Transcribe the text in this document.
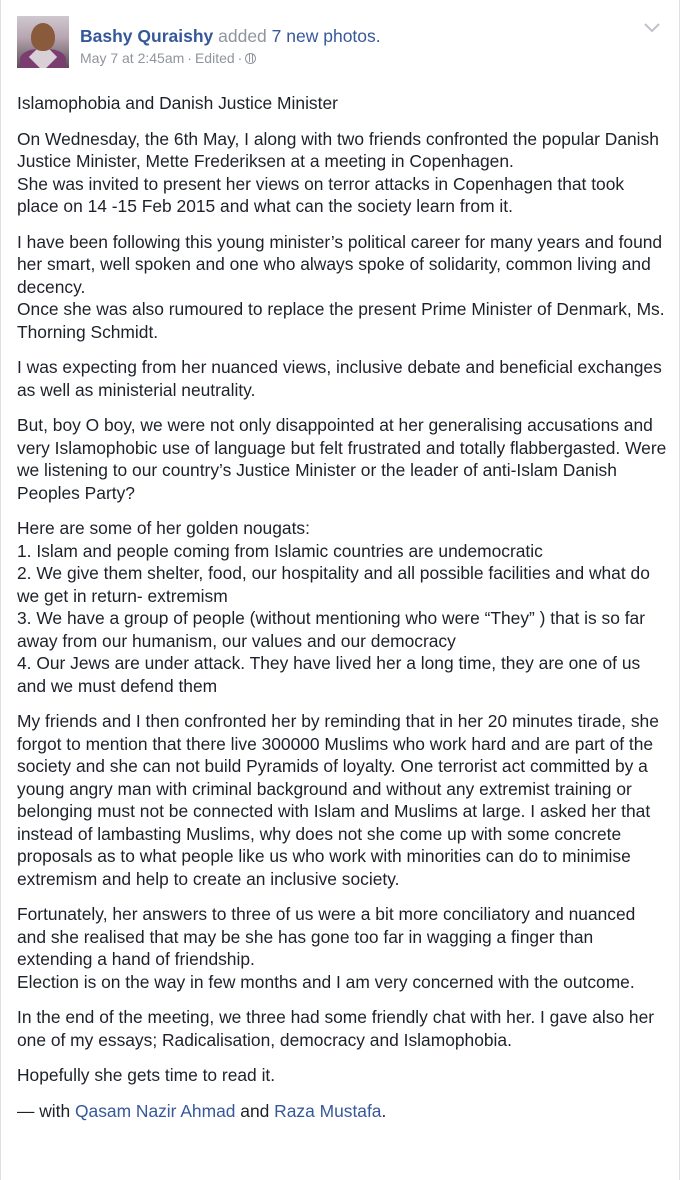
Bashy Quraishy added 7 new photos.
May 7 at 2:45am · Edited ·

Islamophobia and Danish Justice Minister

On Wednesday, the 6th May, I along with two friends confronted the popular Danish Justice Minister, Mette Frederiksen at a meeting in Copenhagen.
She was invited to present her views on terror attacks in Copenhagen that took place on 14 -15 Feb 2015 and what can the society learn from it.

I have been following this young minister’s political career for many years and found her smart, well spoken and one who always spoke of solidarity, common living and decency.
Once she was also rumoured to replace the present Prime Minister of Denmark, Ms. Thorning Schmidt.

I was expecting from her nuanced views, inclusive debate and beneficial exchanges as well as ministerial neutrality.

But, boy O boy, we were not only disappointed at her generalising accusations and very Islamophobic use of language but felt frustrated and totally flabbergasted. Were we listening to our country’s Justice Minister or the leader of anti-Islam Danish Peoples Party?

Here are some of her golden nougats:
1. Islam and people coming from Islamic countries are undemocratic
2. We give them shelter, food, our hospitality and all possible facilities and what do we get in return- extremism
3. We have a group of people (without mentioning who were “They” ) that is so far away from our humanism, our values and our democracy
4. Our Jews are under attack. They have lived her a long time, they are one of us and we must defend them

My friends and I then confronted her by reminding that in her 20 minutes tirade, she forgot to mention that there live 300000 Muslims who work hard and are part of the society and she can not build Pyramids of loyalty. One terrorist act committed by a young angry man with criminal background and without any extremist training or belonging must not be connected with Islam and Muslims at large. I asked her that instead of lambasting Muslims, why does not she come up with some concrete proposals as to what people like us who work with minorities can do to minimise extremism and help to create an inclusive society.

Fortunately, her answers to three of us were a bit more conciliatory and nuanced and she realised that may be she has gone too far in wagging a finger than extending a hand of friendship.
Election is on the way in few months and I am very concerned with the outcome.

In the end of the meeting, we three had some friendly chat with her. I gave also her one of my essays; Radicalisation, democracy and Islamophobia.

Hopefully she gets time to read it.

— with Qasam Nazir Ahmad and Raza Mustafa.
